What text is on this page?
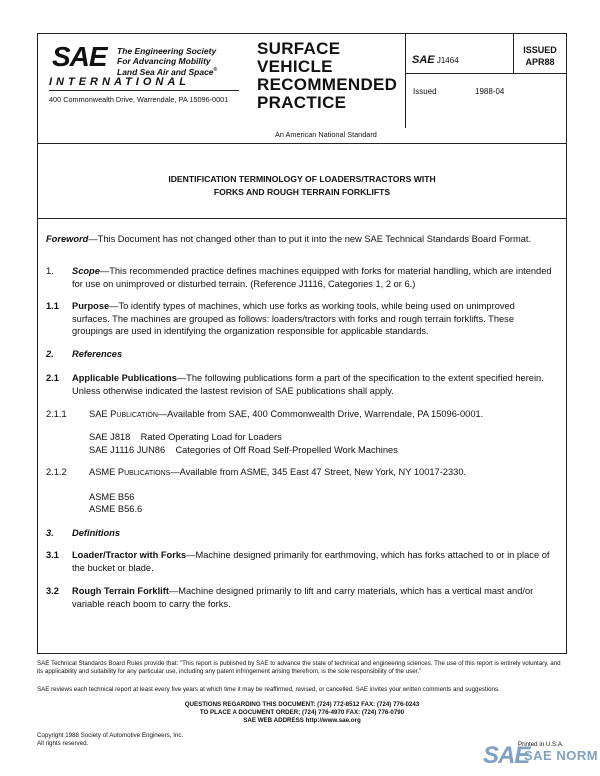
SAE The Engineering Society
For Advancing Mobility
Land Sea Air and Space®
INTERNATIONAL
400 Commonwealth Drive, Warrendale, PA 15096-0001
SURFACE
VEHICLE
RECOMMENDED
PRACTICE
SAE J1464
ISSUED
APR88
Issued	1988-04
An American National Standard
IDENTIFICATION TERMINOLOGY OF LOADERS/TRACTORS WITH
FORKS AND ROUGH TERRAIN FORKLIFTS
Foreword—This Document has not changed other than to put it into the new SAE Technical Standards Board Format.
1. Scope—This recommended practice defines machines equipped with forks for material handling, which are intended for use on unimproved or disturbed terrain. (Reference J1116, Categories 1, 2 or 6.)
1.1 Purpose—To identify types of machines, which use forks as working tools, while being used on unimproved surfaces. The machines are grouped as follows: loaders/tractors with forks and rough terrain forklifts. These groupings are used in identifying the organization responsible for applicable standards.
2. References
2.1 Applicable Publications—The following publications form a part of the specification to the extent specified herein. Unless otherwise indicated the lastest revision of SAE publications shall apply.
2.1.1 SAE Publication—Available from SAE, 400 Commonwealth Drive, Warrendale, PA 15096-0001.
SAE J818    Rated Operating Load for Loaders
SAE J1116 JUN86    Categories of Off Road Self-Propelled Work Machines
2.1.2 ASME Publications—Available from ASME, 345 East 47 Street, New York, NY 10017-2330.
ASME B56
ASME B56.6
3. Definitions
3.1 Loader/Tractor with Forks—Machine designed primarily for earthmoving, which has forks attached to or in place of the bucket or blade.
3.2 Rough Terrain Forklift—Machine designed primarily to lift and carry materials, which has a vertical mast and/or variable reach boom to carry the forks.
SAE Technical Standards Board Rules provide that: "This report is published by SAE to advance the state of technical and engineering sciences. The use of this report is entirely voluntary, and its applicability and suitability for any particular use, including any patent infringement arising therefrom, is the sole responsibility of the user."
SAE reviews each technical report at least every five years at which time it may be reaffirmed, revised, or cancelled. SAE invites your written comments and suggestions.
QUESTIONS REGARDING THIS DOCUMENT: (724) 772-8512 FAX: (724) 776-0243
TO PLACE A DOCUMENT ORDER; (724) 776-4970 FAX: (724) 776-0790
SAE WEB ADDRESS http://www.sae.org
Copyright 1988 Society of Automotive Engineers, Inc.
All rights reserved.	Printed in U.S.A.
SAE
SAE NORM
